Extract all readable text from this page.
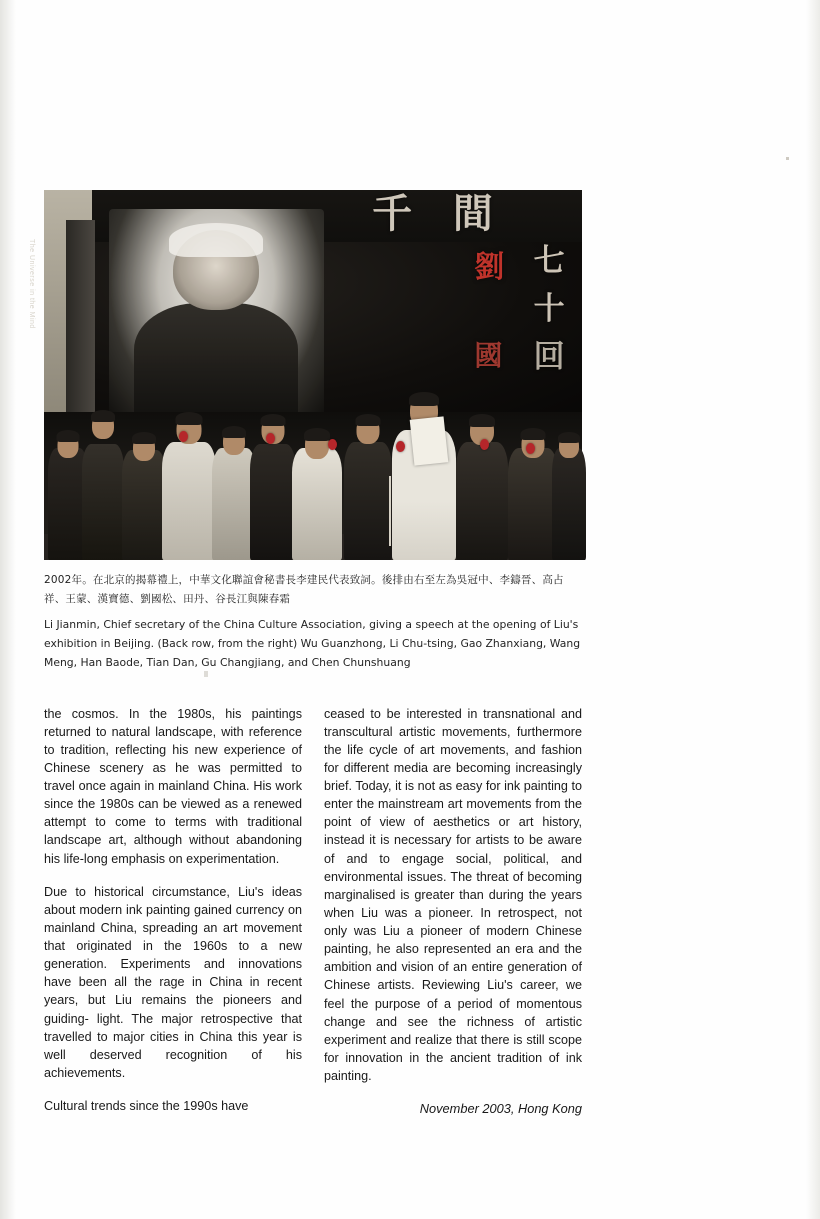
The Universe in the Mind
千 間
劉
國
七
十
回
2002年。在北京的揭幕禮上，中華文化聯誼會秘書長李建民代表致詞。後排由右至左為吳冠中、李鑄晉、高占祥、王蒙、漢寶德、劉國松、田丹、谷長江與陳春霜
Li Jianmin, Chief secretary of the China Culture Association, giving a speech at the opening of Liu's exhibition in Beijing. (Back row, from the right) Wu Guanzhong, Li Chu-tsing, Gao Zhanxiang, Wang Meng, Han Baode, Tian Dan, Gu Changjiang, and Chen Chunshuang

the cosmos. In the 1980s, his paintings returned to natural landscape, with reference to tradition, reflecting his new experience of Chinese scenery as he was permitted to travel once again in mainland China. His work since the 1980s can be viewed as a renewed attempt to come to terms with traditional landscape art, although without abandoning his life-long emphasis on experimentation.

Due to historical circumstance, Liu's ideas about modern ink painting gained currency on mainland China, spreading an art movement that originated in the 1960s to a new generation. Experiments and innovations have been all the rage in China in recent years, but Liu remains the pioneers and guiding- light. The major retrospective that travelled to major cities in China this year is well deserved recognition of his achievements.

Cultural trends since the 1990s have

ceased to be interested in transnational and transcultural artistic movements, furthermore the life cycle of art movements, and fashion for different media are becoming increasingly brief. Today, it is not as easy for ink painting to enter the mainstream art movements from the point of view of aesthetics or art history, instead it is necessary for artists to be aware of and to engage social, political, and environmental issues. The threat of becoming marginalised is greater than during the years when Liu was a pioneer. In retrospect, not only was Liu a pioneer of modern Chinese painting, he also represented an era and the ambition and vision of an entire generation of Chinese artists. Reviewing Liu's career, we feel the purpose of a period of momentous change and see the richness of artistic experiment and realize that there is still scope for innovation in the ancient tradition of ink painting.

November 2003, Hong Kong
